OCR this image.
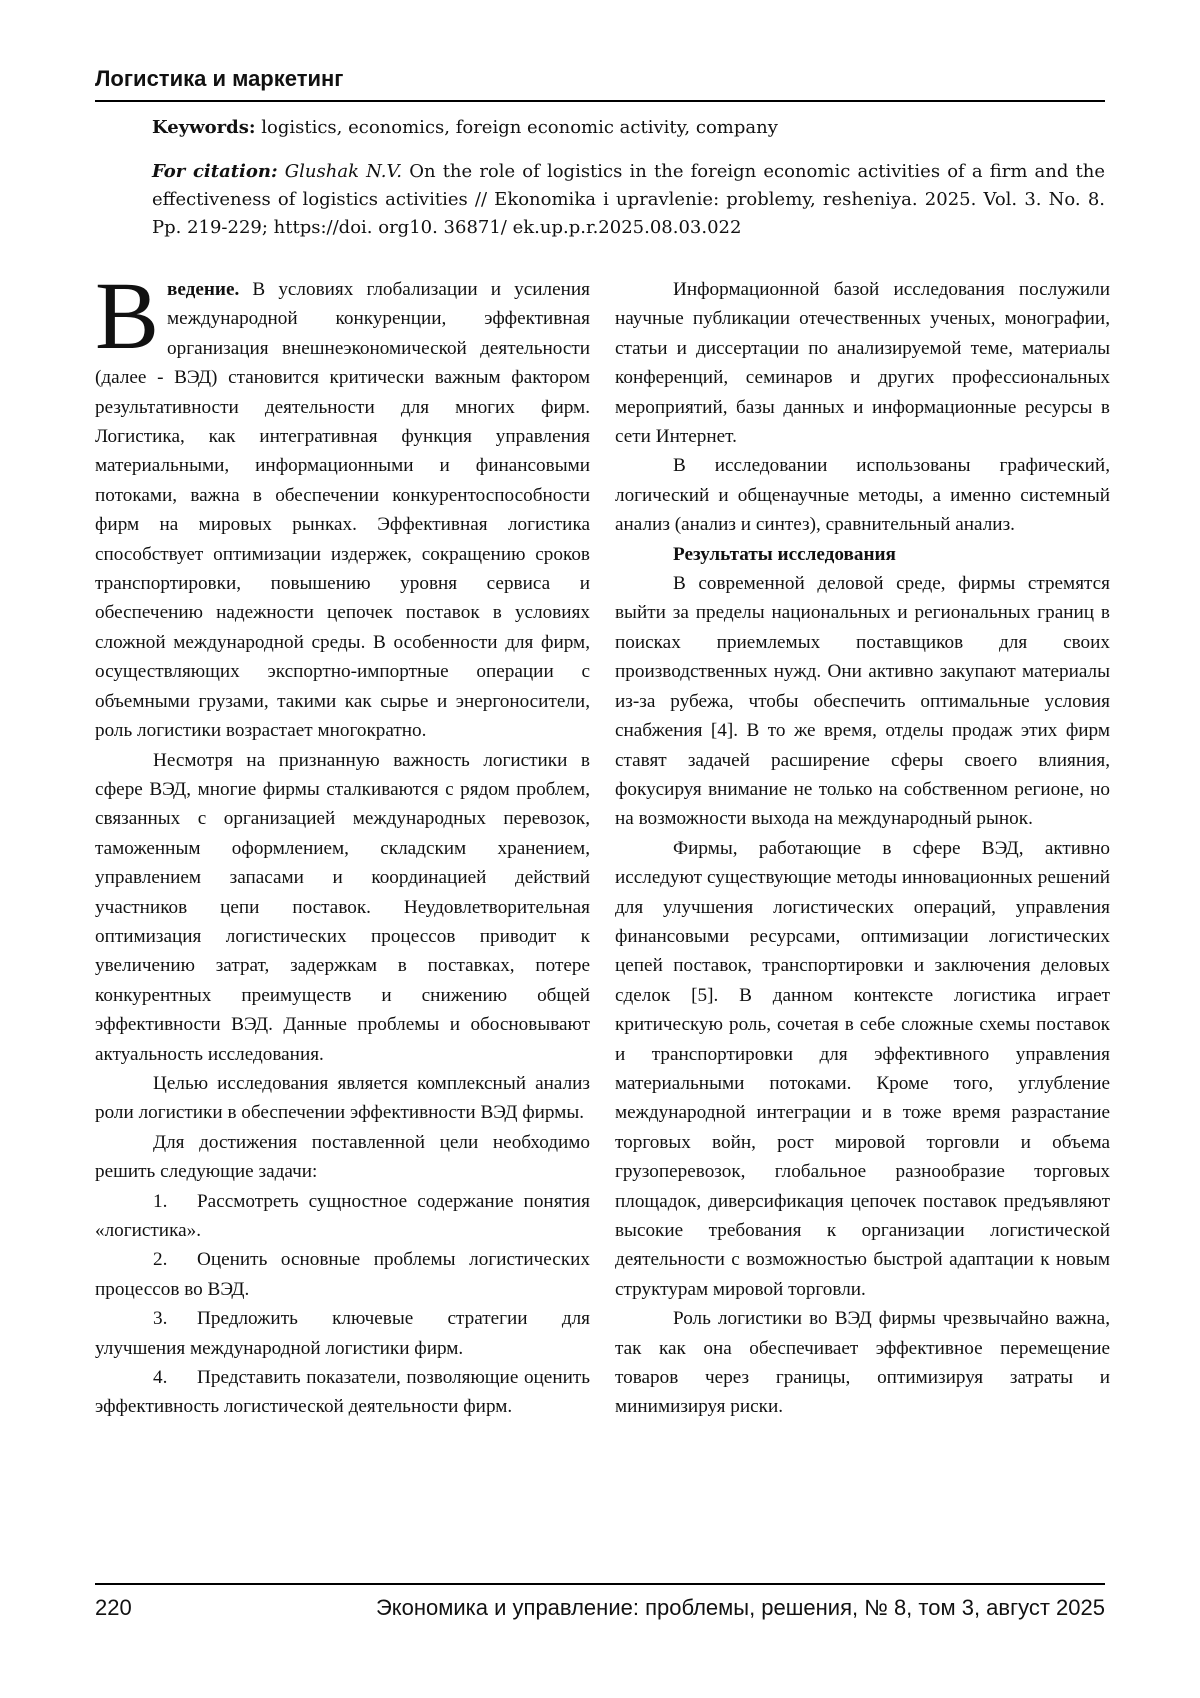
Логистика и маркетинг
Keywords: logistics, economics, foreign economic activity, company
For citation: Glushak N.V. On the role of logistics in the foreign economic activities of a firm and the effectiveness of logistics activities // Ekonomika i upravlenie: problemy, resheniya. 2025. Vol. 3. No. 8. Pp. 219-229; https://doi. org10. 36871/ ek.up.p.r.2025.08.03.022

Введение. В условиях глобализации и усиления международной конкуренции, эффективная организация внешнеэкономической деятельности (далее - ВЭД) становится критически важным фактором результативности деятельности для многих фирм. Логистика, как интегративная функция управления материальными, информационными и финансовыми потоками, важна в обеспечении конкурентоспособности фирм на мировых рынках. Эффективная логистика способствует оптимизации издержек, сокращению сроков транспортировки, повышению уровня сервиса и обеспечению надежности цепочек поставок в условиях сложной международной среды. В особенности для фирм, осуществляющих экспортно-импортные операции с объемными грузами, такими как сырье и энергоносители, роль логистики возрастает многократно.

Несмотря на признанную важность логистики в сфере ВЭД, многие фирмы сталкиваются с рядом проблем, связанных с организацией международных перевозок, таможенным оформлением, складским хранением, управлением запасами и координацией действий участников цепи поставок. Неудовлетворительная оптимизация логистических процессов приводит к увеличению затрат, задержкам в поставках, потере конкурентных преимуществ и снижению общей эффективности ВЭД. Данные проблемы и обосновывают актуальность исследования.

Целью исследования является комплексный анализ роли логистики в обеспечении эффективности ВЭД фирмы.

Для достижения поставленной цели необходимо решить следующие задачи:

1. Рассмотреть сущностное содержание понятия «логистика».

2. Оценить основные проблемы логистических процессов во ВЭД.

3. Предложить ключевые стратегии для улучшения международной логистики фирм.

4. Представить показатели, позволяющие оценить эффективность логистической деятельности фирм.

Информационной базой исследования послужили научные публикации отечественных ученых, монографии, статьи и диссертации по анализируемой теме, материалы конференций, семинаров и других профессиональных мероприятий, базы данных и информационные ресурсы в сети Интернет.

В исследовании использованы графический, логический и общенаучные методы, а именно системный анализ (анализ и синтез), сравнительный анализ.

Результаты исследования

В современной деловой среде, фирмы стремятся выйти за пределы национальных и региональных границ в поисках приемлемых поставщиков для своих производственных нужд. Они активно закупают материалы из-за рубежа, чтобы обеспечить оптимальные условия снабжения [4]. В то же время, отделы продаж этих фирм ставят задачей расширение сферы своего влияния, фокусируя внимание не только на собственном регионе, но на возможности выхода на международный рынок.

Фирмы, работающие в сфере ВЭД, активно исследуют существующие методы инновационных решений для улучшения логистических операций, управления финансовыми ресурсами, оптимизации логистических цепей поставок, транспортировки и заключения деловых сделок [5]. В данном контексте логистика играет критическую роль, сочетая в себе сложные схемы поставок и транспортировки для эффективного управления материальными потоками. Кроме того, углубление международной интеграции и в тоже время разрастание торговых войн, рост мировой торговли и объема грузоперевозок, глобальное разнообразие торговых площадок, диверсификация цепочек поставок предъявляют высокие требования к организации логистической деятельности с возможностью быстрой адаптации к новым структурам мировой торговли.

Роль логистики во ВЭД фирмы чрезвычайно важна, так как она обеспечивает эффективное перемещение товаров через границы, оптимизируя затраты и минимизируя риски.

220	Экономика и управление: проблемы, решения, № 8, том 3, август 2025
